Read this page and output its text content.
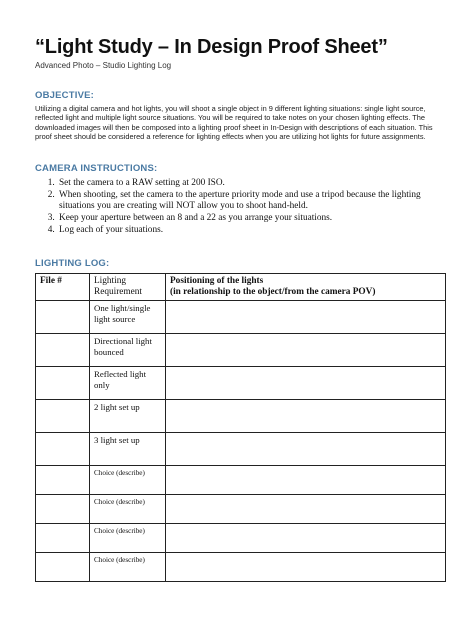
“Light Study – In Design Proof Sheet”
Advanced Photo – Studio Lighting Log
OBJECTIVE:
Utilizing a digital camera and hot lights, you will shoot a single object in 9 different lighting situations: single light source, reflected light and multiple light source situations. You will be required to take notes on your chosen lighting effects. The downloaded images will then be composed into a lighting proof sheet in In-Design with descriptions of each situation. This proof sheet should be considered a reference for lighting effects when you are utilizing hot lights for future assignments.
CAMERA INSTRUCTIONS:
1. Set the camera to a RAW setting at 200 ISO.
2. When shooting, set the camera to the aperture priority mode and use a tripod because the lighting situations you are creating will NOT allow you to shoot hand-held.
3. Keep your aperture between an 8 and a 22 as you arrange your situations.
4. Log each of your situations.
LIGHTING LOG:
File #	Lighting Requirement	Positioning of the lights
(in relationship to the object/from the camera POV)

	One light/single light source	
	Directional light bounced	
	Reflected light only	
	2 light set up	
	3 light set up	
	Choice (describe)	
	Choice (describe)	
	Choice (describe)	
	Choice (describe)	
